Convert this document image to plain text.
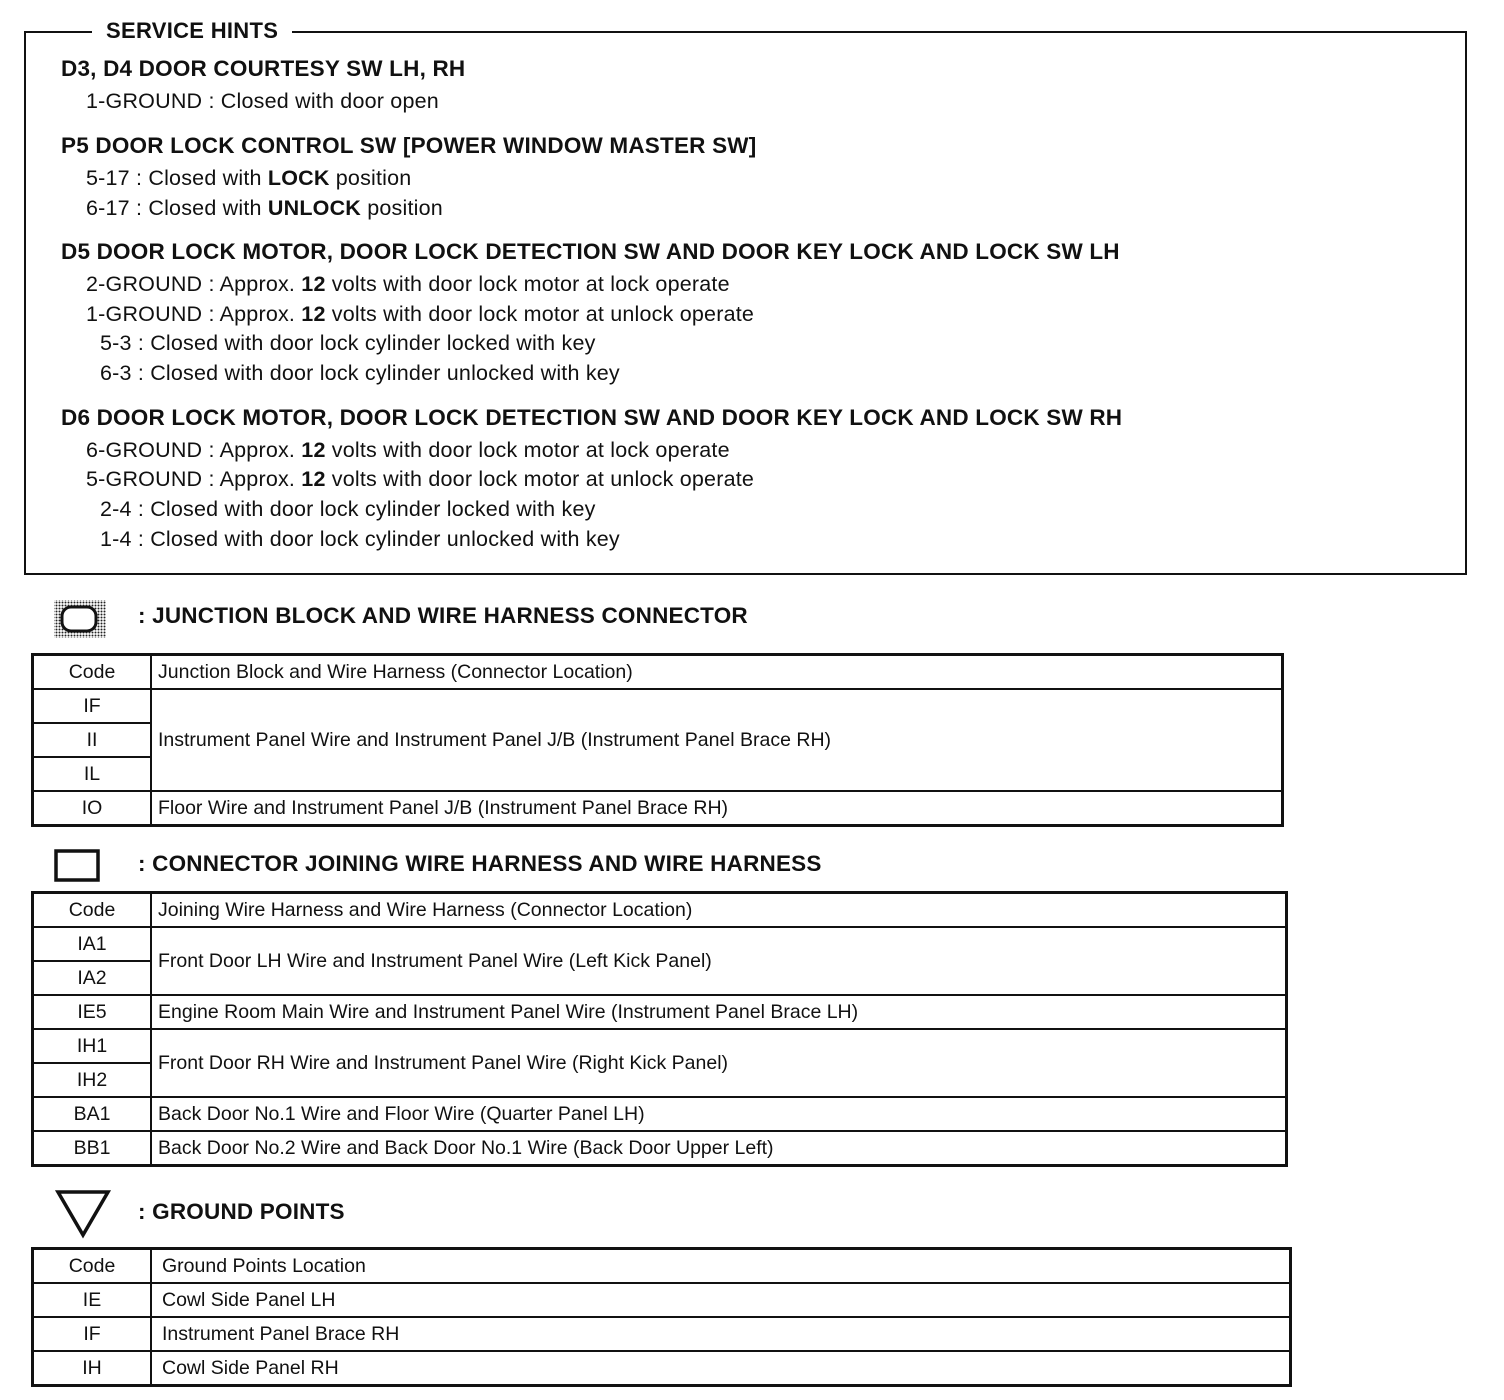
SERVICE HINTS
D3, D4 DOOR COURTESY SW LH, RH
1-GROUND : Closed with door open
P5 DOOR LOCK CONTROL SW [POWER WINDOW MASTER SW]
5-17 : Closed with LOCK position
6-17 : Closed with UNLOCK position
D5 DOOR LOCK MOTOR, DOOR LOCK DETECTION SW AND DOOR KEY LOCK AND LOCK SW LH
2-GROUND : Approx. 12 volts with door lock motor at lock operate
1-GROUND : Approx. 12 volts with door lock motor at unlock operate
5-3 : Closed with door lock cylinder locked with key
6-3 : Closed with door lock cylinder unlocked with key
D6 DOOR LOCK MOTOR, DOOR LOCK DETECTION SW AND DOOR KEY LOCK AND LOCK SW RH
6-GROUND : Approx. 12 volts with door lock motor at lock operate
5-GROUND : Approx. 12 volts with door lock motor at unlock operate
2-4 : Closed with door lock cylinder locked with key
1-4 : Closed with door lock cylinder unlocked with key
: JUNCTION BLOCK AND WIRE HARNESS CONNECTOR
Code	Junction Block and Wire Harness (Connector Location)
IF	Instrument Panel Wire and Instrument Panel J/B (Instrument Panel Brace RH)
II	
IL	
IO	Floor Wire and Instrument Panel J/B (Instrument Panel Brace RH)
: CONNECTOR JOINING WIRE HARNESS AND WIRE HARNESS
Code	Joining Wire Harness and Wire Harness (Connector Location)
IA1	Front Door LH Wire and Instrument Panel Wire (Left Kick Panel)
IA2	
IE5	Engine Room Main Wire and Instrument Panel Wire (Instrument Panel Brace LH)
IH1	Front Door RH Wire and Instrument Panel Wire (Right Kick Panel)
IH2	
BA1	Back Door No.1 Wire and Floor Wire (Quarter Panel LH)
BB1	Back Door No.2 Wire and Back Door No.1 Wire (Back Door Upper Left)
: GROUND POINTS
Code	Ground Points Location
IE	Cowl Side Panel LH
IF	Instrument Panel Brace RH
IH	Cowl Side Panel RH
